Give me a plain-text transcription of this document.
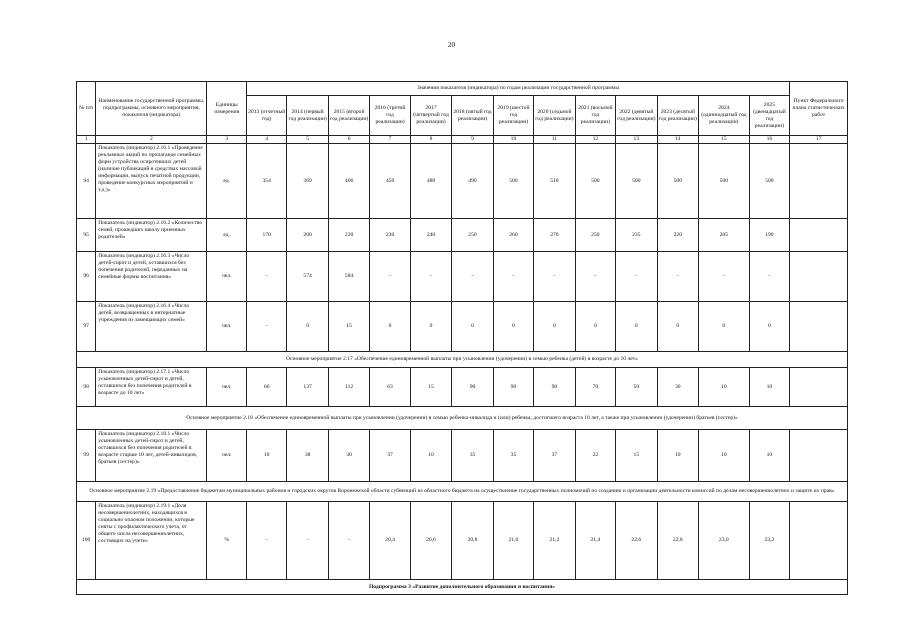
20
№ п/п	Наименование государственной программы, подпрограммы, основного мероприятия, показателя (индикатора)	Единицы измерения	Значения показателя (индикатора) по годам реализации государственной программы													Пункт Федерального плана статистических работ
			2013 (отчетный год)	2014 (первый год реализации)	2015 (второй год реализации)	2016 (третий год реализации)	2017 (четвертый год реализации)	2018 (пятый год реализации)	2019 (шестой год реализации)	2020 (седьмой год реализации)	2021 (восьмой год реализации)	2022 (девятый год реализации)	2023 (десятый год реализации)	2024 (одиннадцатый год реализации)	2025 (двенадцатый год реализации)	
1	2	3	4	5	6	7	8	9	10	11	12	13	14	15	16	17
94	Показатель (индикатор) 2.16.1 «Проведение рекламных акций по пропаганде семейных форм устройства осиротевших детей (наличие публикаций в средствах массовой информации, выпуск печатной продукции, проведение конкурсных мероприятий и т.д.)»	ед.	354	369	406	450	480	490	500	510	500	500	500	500	500	
95	Показатель (индикатор) 2.16.2 «Количество семей, прошедших школу приемных родителей»	ед.	170	200	220	230	240	250	260	270	250	235	220	205	190	
96	Показатель (индикатор) 2.16.3 «Число детей-сирот и детей, оставшихся без попечения родителей, переданных на семейные формы воспитания»	чел.	-	574	584	-	-	-	-	-	-	-	-	-	-	
97	Показатель (индикатор) 2.16.4 «Число детей, возвращенных в интернатные учреждения из замещающих семей»	чел.	-	0	15	0	0	0	0	0	0	0	0	0	0	
Основное мероприятие 2.17 «Обеспечение единовременной выплаты при усыновлении (удочерении) в семью ребенка (детей) в возрасте до 10 лет»																
98	Показатель (индикатор) 2.17.1 «Число усыновленных детей-сирот и детей, оставшихся без попечения родителей в возрасте до 10 лет»	чел.	66	137	112	63	15	90	90	90	70	50	30	10	10	
Основное мероприятие 2.18 «Обеспечение единовременной выплаты при усыновлении (удочерении) в семью ребенка-инвалида и (или) ребенка, достигшего возраста 10 лет, а также при усыновлении (удочерении) братьев (сестер)»																
99	Показатель (индикатор) 2.18.1 «Число усыновленных детей-сирот и детей, оставшихся без попечения родителей в возрасте старше 10 лет, детей-инвалидов, братьев (сестер)»	чел.	10	38	30	37	10	35	35	37	22	15	10	10	10	
Основное мероприятие 2.19 «Предоставление бюджетам муниципальных районов и городских округов Воронежской области субвенций из областного бюджета на осуществление государственных полномочий по созданию и организации деятельности комиссий по делам несовершеннолетних и защите их прав»																
100	Показатель (индикатор) 2.19.1 «Доля несовершеннолетних, находящихся в социально опасном положении, которые сняты с профилактического учета, от общего числа несовершеннолетних, состоящих на учете»	%	-	-	-	20,4	20,6	20,8	21,0	21,2	21,4	22,6	22,8	23,0	23,2	
Подпрограмма 3 «Развитие дополнительного образования и воспитания»																
